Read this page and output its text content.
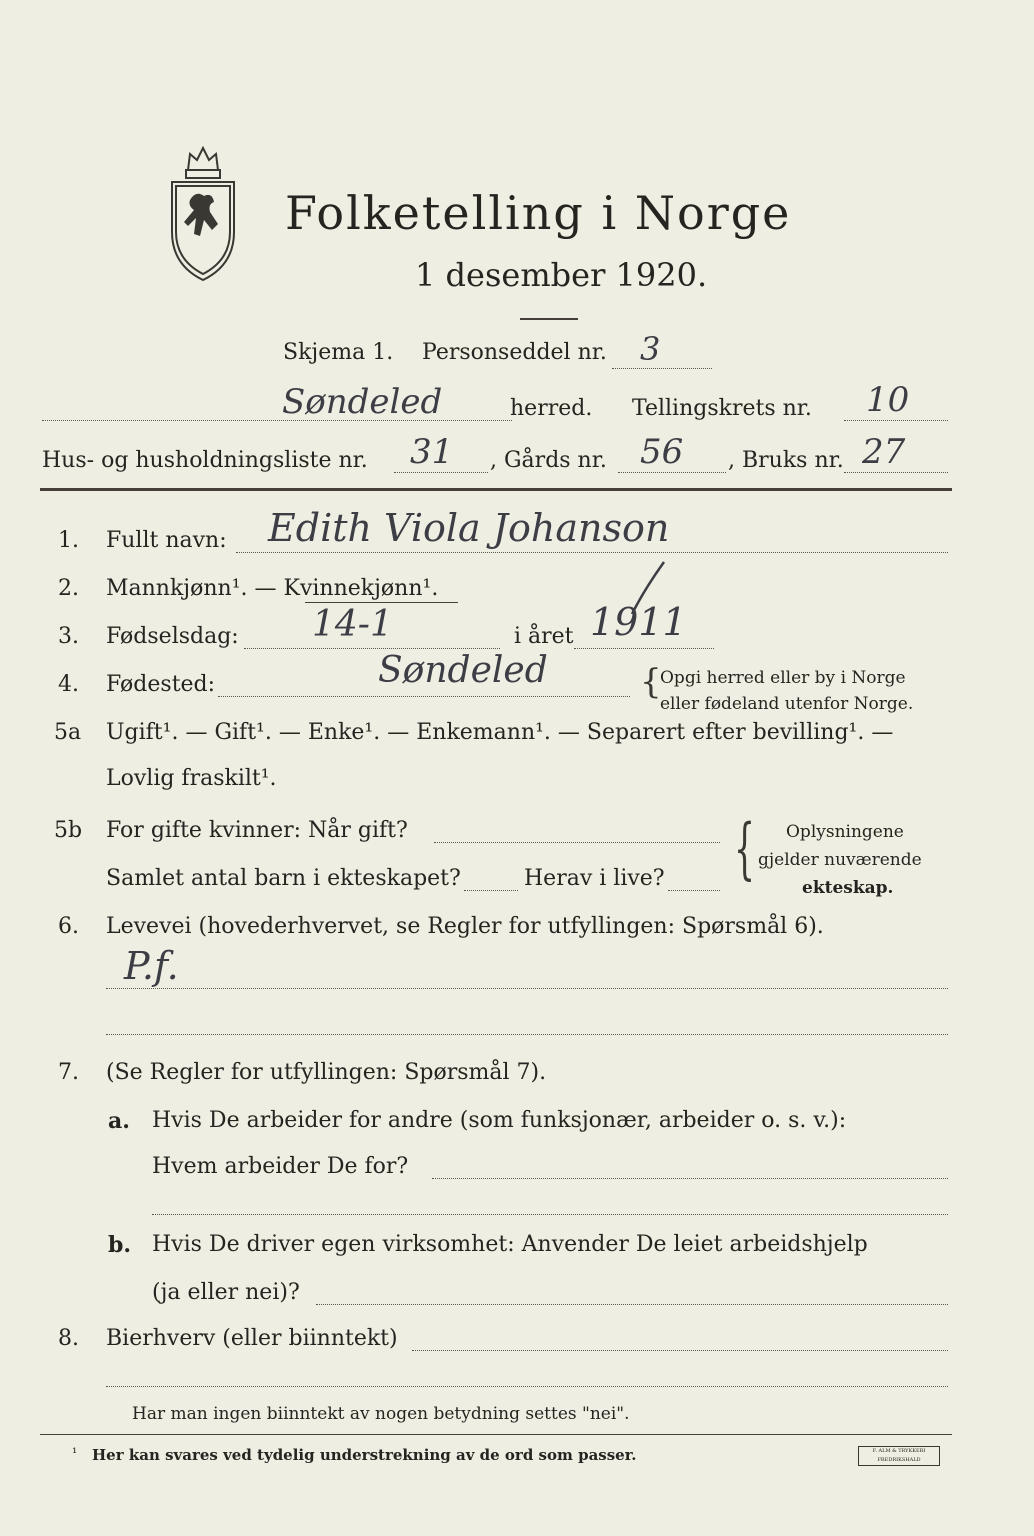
Folketelling i Norge
1 desember 1920.
Skjema 1. Personseddel nr. 3
Søndeled	herred. Tellingskrets nr. 10
Hus- og husholdningsliste nr. 31 , Gårds nr. 56 , Bruks nr. 27
1. Fullt navn: Edith Viola Johanson
2. Mannkjønn¹. — Kvinnekjønn¹.
3. Fødselsdag: 14-1	i året 1911
4. Fødested:	Søndeled	{
Opgi herred eller by i Norge
eller fødeland utenfor Norge.
5a Ugift¹. — Gift¹. — Enke¹. — Enkemann¹. — Separert efter bevilling¹. —
Lovlig fraskilt¹.
5b For gifte kvinner: Når gift?
Samlet antal barn i ekteskapet?	Herav i live? { Oplysningene
gjelder nuværende
ekteskap.
6. Levevei (hovederhvervet, se Regler for utfyllingen: Spørsmål 6).
P.f.
7. (Se Regler for utfyllingen: Spørsmål 7).
a. Hvis De arbeider for andre (som funksjonær, arbeider o. s. v.):
Hvem arbeider De for?
b. Hvis De driver egen virksomhet: Anvender De leiet arbeidshjelp
(ja eller nei)?
8. Bierhverv (eller biinntekt)
Har man ingen biinntekt av nogen betydning settes "nei".
¹ Her kan svares ved tydelig understrekning av de ord som passer.	F. ALM & TRYKKERI FREDRIKSHALD
